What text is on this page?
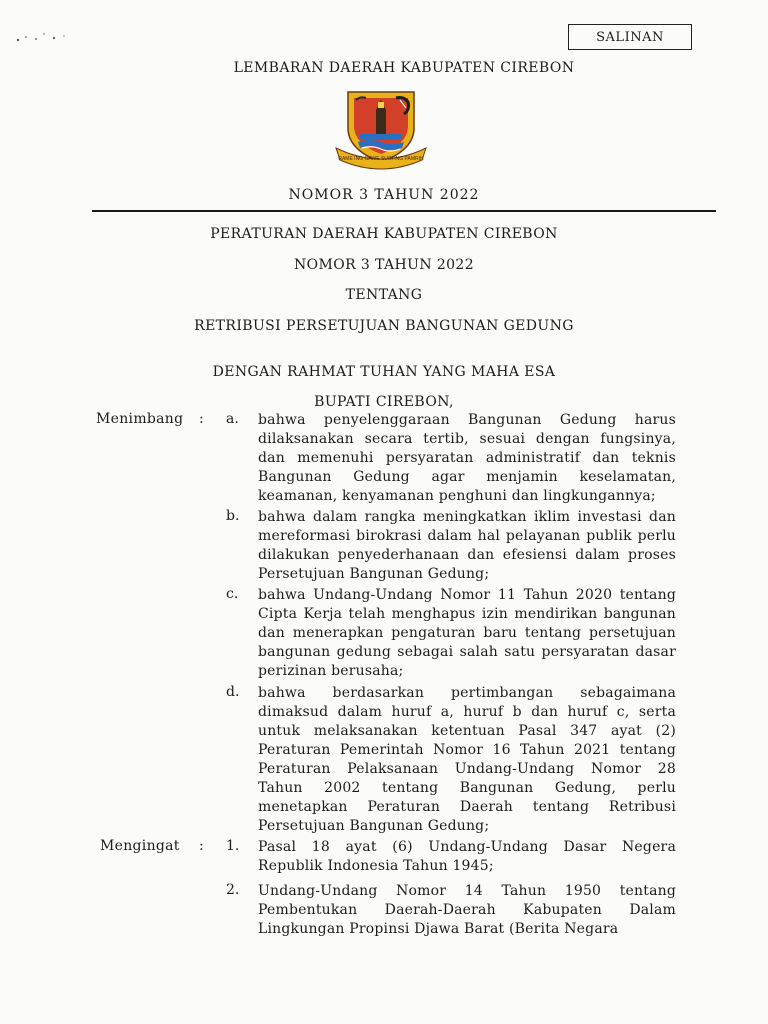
SALINAN
LEMBARAN DAERAH KABUPATEN CIREBON
RAME ING GAWE SUCI ING PAMRIH
NOMOR 3 TAHUN 2022
PERATURAN DAERAH KABUPATEN CIREBON
NOMOR 3 TAHUN 2022
TENTANG
RETRIBUSI PERSETUJUAN BANGUNAN GEDUNG
DENGAN RAHMAT TUHAN YANG MAHA ESA
BUPATI CIREBON,
Menimbang : a. bahwa penyelenggaraan Bangunan Gedung harus dilaksanakan secara tertib, sesuai dengan fungsinya, dan memenuhi persyaratan administratif dan teknis Bangunan Gedung agar menjamin keselamatan, keamanan, kenyamanan penghuni dan lingkungannya;
b. bahwa dalam rangka meningkatkan iklim investasi dan mereformasi birokrasi dalam hal pelayanan publik perlu dilakukan penyederhanaan dan efesiensi dalam proses Persetujuan Bangunan Gedung;
c. bahwa Undang-Undang Nomor 11 Tahun 2020 tentang Cipta Kerja telah menghapus izin mendirikan bangunan dan menerapkan pengaturan baru tentang persetujuan bangunan gedung sebagai salah satu persyaratan dasar perizinan berusaha;
d. bahwa berdasarkan pertimbangan sebagaimana dimaksud dalam huruf a, huruf b dan huruf c, serta untuk melaksanakan ketentuan Pasal 347 ayat (2) Peraturan Pemerintah Nomor 16 Tahun 2021 tentang Peraturan Pelaksanaan Undang-Undang Nomor 28 Tahun 2002 tentang Bangunan Gedung, perlu menetapkan Peraturan Daerah tentang Retribusi Persetujuan Bangunan Gedung;
Mengingat : 1. Pasal 18 ayat (6) Undang-Undang Dasar Negera Republik Indonesia Tahun 1945;
2. Undang-Undang Nomor 14 Tahun 1950 tentang Pembentukan Daerah-Daerah Kabupaten Dalam Lingkungan Propinsi Djawa Barat (Berita Negara
